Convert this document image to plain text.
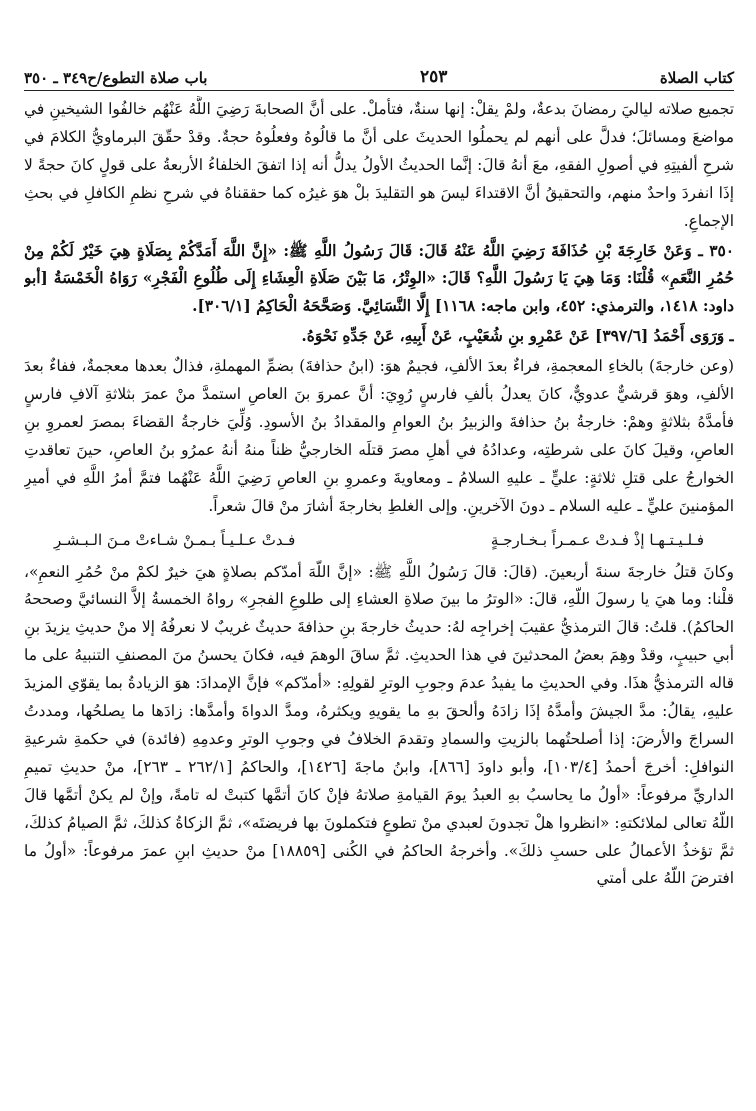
باب صلاة التطوع/ح٣٤٩ ـ ٣٥٠	٢٥٣	كتاب الصلاة

تجميع صلاته لياليَ رمضانَ بدعةٌ، ولمْ يقلْ: إنها سنةٌ، فتأملْ. على أنَّ الصحابةَ رَضِيَ اللَّهُ عَنْهُم خالفُوا الشيخينِ في مواضعَ ومسائلَ؛ فدلَّ على أنهم لم يحملُوا الحديثَ على أنَّ ما قالُوهُ وفعلُوهُ حجةٌ. وقدْ حقّقَ البرماويُّ الكلامَ في شرحِ ألفيتِهِ في أصولِ الفقهِ، معَ أنهُ قالَ: إنَّما الحديثُ الأولُ يدلُّ أنه إذا اتفقَ الخلفاءُ الأربعةُ على قولٍ كانَ حجةً لا إذَا انفردَ واحدٌ منهم، والتحقيقُ أنَّ الاقتداءَ ليسَ هو التقليدَ بلْ هوَ غيرُه كما حققناهُ في شرحِ نظمِ الكافلِ في بحثِ الإجماعِ.

٣٥٠ ـ وَعَنْ خَارِجَةَ بْنِ حُذَافَةَ رَضِيَ اللَّهُ عَنْهُ قَالَ: قَالَ رَسُولُ اللَّهِ ﷺ: «إِنَّ اللَّهَ أَمَدَّكُمْ بِصَلَاةٍ هِيَ خَيْرٌ لَكُمْ مِنْ حُمُرِ النَّعَمِ» قُلْنَا: وَمَا هِيَ يَا رَسُولَ اللَّهِ؟ قَالَ: «الوِتْرُ، مَا بَيْنَ صَلَاةِ الْعِشَاءِ إِلَى طُلُوعِ الْفَجْرِ» رَوَاهُ الْخَمْسَةُ [أبو داود: ١٤١٨، والترمذي: ٤٥٢، وابن ماجه: ١١٦٨] إِلَّا النَّسَائِيَّ. وَصَحَّحَهُ الْحَاكِمُ [٣٠٦/١].

ـ وَرَوَى أَحْمَدُ [٣٩٧/٦] عَنْ عَمْرِو بنِ شُعَيْبٍ، عَنْ أَبِيهِ، عَنْ جَدِّهِ نَحْوَهُ.

(وعن خارجةَ) بالخاءِ المعجمةِ، فراءٌ بعدَ الألفِ، فجيمٌ هوَ: (ابنُ حذافةَ) بضمِّ المهملةِ، فذالٌ بعدها معجمةٌ، ففاءٌ بعدَ الألفِ، وهوَ قرشيٌّ عدويٌّ، كانَ يعدلُ بألفِ فارسٍ رُوِيَ: أنَّ عمروَ بنَ العاصِ استمدَّ منْ عمرَ بثلاثةِ آلافِ فارسٍ فأمدَّهُ بثلاثةٍ وهمْ: خارجةُ بنُ حذافةَ والزبيرُ بنُ العوامِ والمقدادُ بنُ الأسودِ. وُلِّيَ خارجةُ القضاءَ بمصرَ لعمروِ بنِ العاصِ، وقيلَ كانَ على شرطتِه، وعدادُهُ في أهلِ مصرَ قتلَه الخارجيُّ ظناً منهُ أنهُ عمرُو بنُ العاصِ، حينَ تعاقدتِ الخوارجُ على قتلِ ثلاثةٍ: عليٍّ ـ عليهِ السلامُ ـ ومعاويةَ وعمروِ بنِ العاصِ رَضِيَ اللَّهُ عَنْهُما فتمَّ أمرُ اللَّهِ في أميرِ المؤمنينَ عليٍّ ـ عليه السلام ـ دونَ الآخرينِ. وإلى الغلطِ بخارجةَ أشارَ منْ قالَ شعراً.

فـلـيـتـهـا إذْ فـدتْ عـمـراً بـخـارجـةٍ
فـدتْ عـلـيـاً بـمـنْ شـاءتْ مـنَ الـبـشـرِ

وكانَ قتلُ خارجةَ سنةَ أربعينَ. (قالَ: قالَ رَسُولُ اللَّهِ ﷺ: «إنَّ اللّهَ أمدّكم بصلاةٍ هيَ خيرٌ لكمْ منْ حُمُرِ النعمِ»، قلْنا: وما هيَ يا رسولَ اللّهِ، قالَ: «الوترُ ما بينَ صلاةِ العشاءِ إلى طلوعِ الفجرِ» رواهُ الخمسةُ إلاَّ النسائيَّ وصححهُ الحاكمُ). قلتُ: قالَ الترمذيُّ عقيبَ إخراجِه لهُ: حديثُ خارجةَ بنِ حذافةَ حديثٌ غريبٌ لا نعرفُهُ إلا منْ حديثِ يزيدَ بنِ أبي حبيبٍ، وقدْ وهِمَ بعضُ المحدثينَ في هذا الحديثِ. ثمَّ ساقَ الوهمَ فيه، فكانَ يحسنُ منَ المصنفِ التنبيهُ على ما قاله الترمذيُّ هذَا. وفي الحديثِ ما يفيدُ عدمَ وجوبِ الوترِ لقولِهِ: «أمدّكم» فإنَّ الإمدادَ: هوَ الزيادةُ بما يقوّي المزيدَ عليهِ، يقالُ: مدَّ الجيشَ وأمدَّهُ إذَا زادَهُ وألحقَ بهِ ما يقويهِ ويكثرهُ، ومدَّ الدواةَ وأمدَّها: زادَها ما يصلحُها، ومددتُ السراجَ والأرضَ: إذا أصلحتُهما بالزيتِ والسمادِ وتقدمَ الخلافُ في وجوبِ الوترِ وعدمِهِ (فائدة) في حكمةِ شرعيةِ النوافلِ: أخرجَ أحمدُ [١٠٣/٤]، وأبو داودَ [٨٦٦]، وابنُ ماجةَ [١٤٢٦]، والحاكمُ [٢٦٢/١ ـ ٢٦٣]، منْ حديثِ تميمِ الداريِّ مرفوعاً: «أولُ ما يحاسبُ بهِ العبدُ يومَ القيامةِ صلاتهُ فإنْ كانَ أتمَّها كتبتْ له تامةً، وإنْ لم يكنْ أتمَّها قالَ اللّهُ تعالى لملائكتهِ: «انظروا هلْ تجدونَ لعبدي منْ تطوعٍ فتكملونَ بها فريضتَه»، ثمَّ الزكاةُ كذلكَ، ثمَّ الصيامُ كذلكَ، ثمَّ تؤخذُ الأعمالُ على حسبِ ذلكَ». وأخرجهُ الحاكمُ في الكُنى [١٨٨٥٩] منْ حديثِ ابنِ عمرَ مرفوعاً: «أولُ ما افترضَ اللّهُ على أمتي
